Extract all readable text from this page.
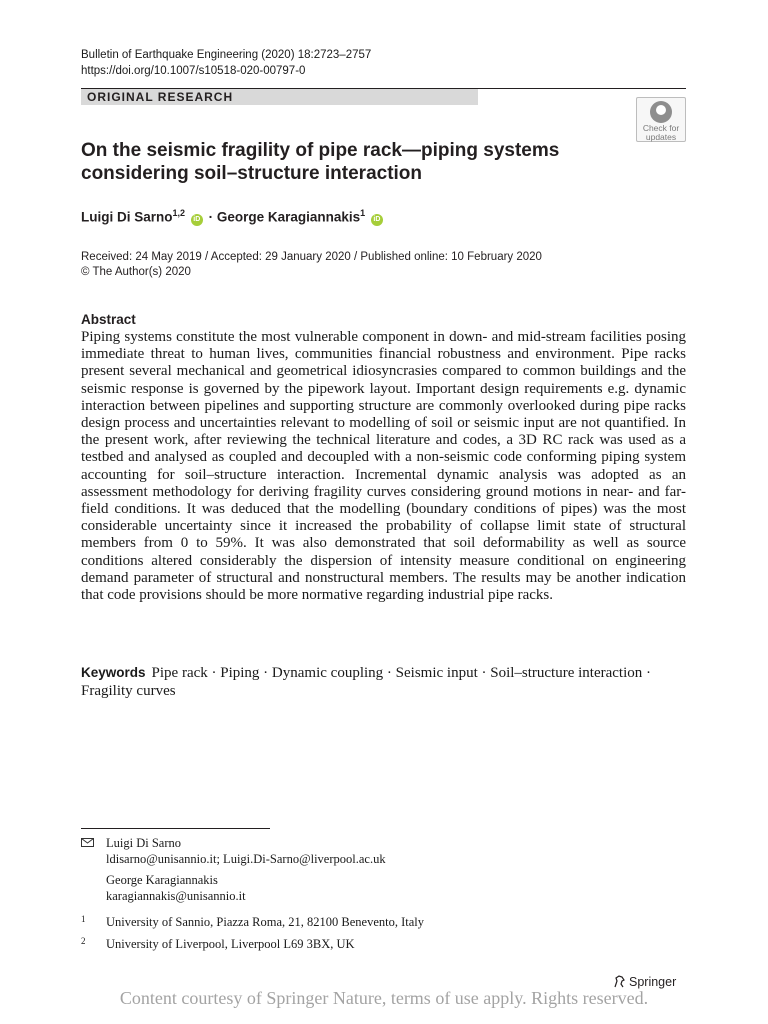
Bulletin of Earthquake Engineering (2020) 18:2723–2757
https://doi.org/10.1007/s10518-020-00797-0
ORIGINAL RESEARCH
Check for
updates
On the seismic fragility of pipe rack—piping systems considering soil–structure interaction
Luigi Di Sarno$^{1,2}$ iD · George Karagiannakis$^1$ iD
Received: 24 May 2019 / Accepted: 29 January 2020 / Published online: 10 February 2020
© The Author(s) 2020
Abstract
Piping systems constitute the most vulnerable component in down- and mid-stream facilities posing immediate threat to human lives, communities financial robustness and environment. Pipe racks present several mechanical and geometrical idiosyncrasies compared to common buildings and the seismic response is governed by the pipework layout. Important design requirements e.g. dynamic interaction between pipelines and supporting structure are commonly overlooked during pipe racks design process and uncertainties relevant to modelling of soil or seismic input are not quantified. In the present work, after reviewing the technical literature and codes, a 3D RC rack was used as a testbed and analysed as coupled and decoupled with a non-seismic code conforming piping system accounting for soil–structure interaction. Incremental dynamic analysis was adopted as an assessment methodology for deriving fragility curves considering ground motions in near- and far-field conditions. It was deduced that the modelling (boundary conditions of pipes) was the most considerable uncertainty since it increased the probability of collapse limit state of structural members from 0 to 59%. It was also demonstrated that soil deformability as well as source conditions altered considerably the dispersion of intensity measure conditional on engineering demand parameter of structural and nonstructural members. The results may be another indication that code provisions should be more normative regarding industrial pipe racks.
Keywords Pipe rack · Piping · Dynamic coupling · Seismic input · Soil–structure interaction · Fragility curves
Luigi Di Sarno
ldisarno@unisannio.it; Luigi.Di-Sarno@liverpool.ac.uk
George Karagiannakis
karagiannakis@unisannio.it
1 University of Sannio, Piazza Roma, 21, 82100 Benevento, Italy
2 University of Liverpool, Liverpool L69 3BX, UK
Springer
Content courtesy of Springer Nature, terms of use apply. Rights reserved.
